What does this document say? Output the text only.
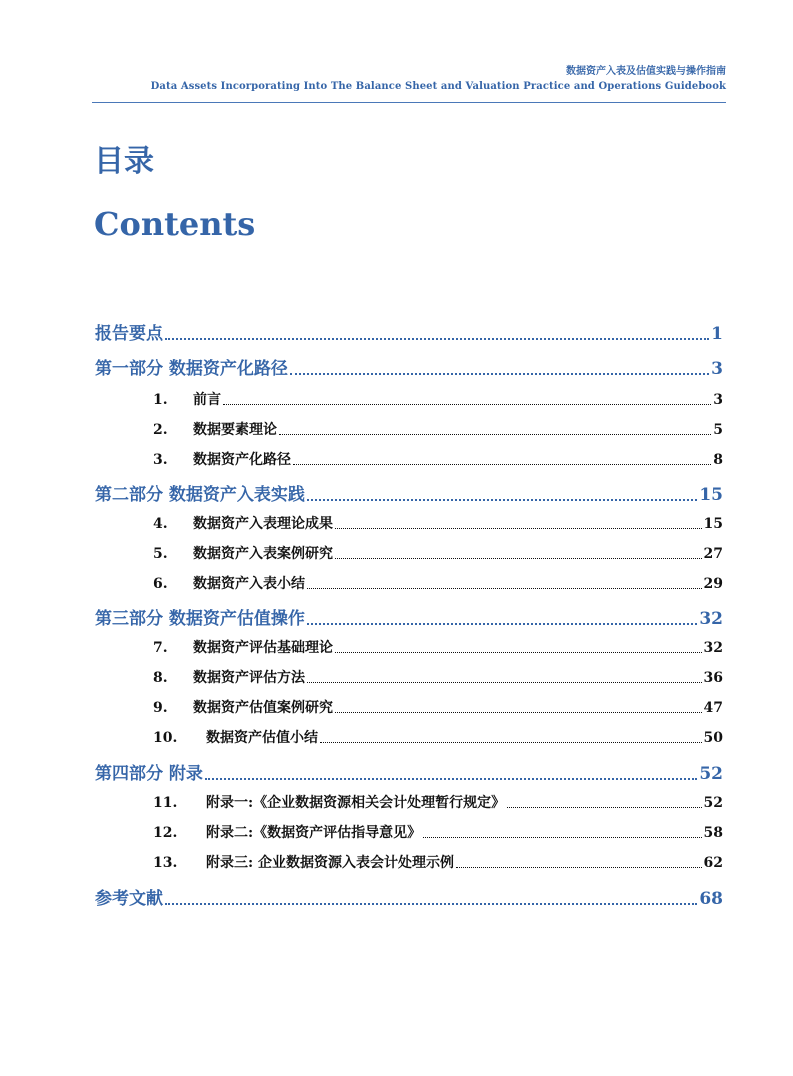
数据资产入表及估值实践与操作指南
Data Assets Incorporating Into The Balance Sheet and Valuation Practice and Operations Guidebook
目录
Contents
报告要点	1
第一部分 数据资产化路径	3
1.	前言	3
2.	数据要素理论	5
3.	数据资产化路径	8
第二部分 数据资产入表实践	15
4.	数据资产入表理论成果	15
5.	数据资产入表案例研究	27
6.	数据资产入表小结	29
第三部分 数据资产估值操作	32
7.	数据资产评估基础理论	32
8.	数据资产评估方法	36
9.	数据资产估值案例研究	47
10.	数据资产估值小结	50
第四部分 附录	52
11.	附录一:《企业数据资源相关会计处理暂行规定》	52
12.	附录二:《数据资产评估指导意见》	58
13.	附录三: 企业数据资源入表会计处理示例	62
参考文献	68
